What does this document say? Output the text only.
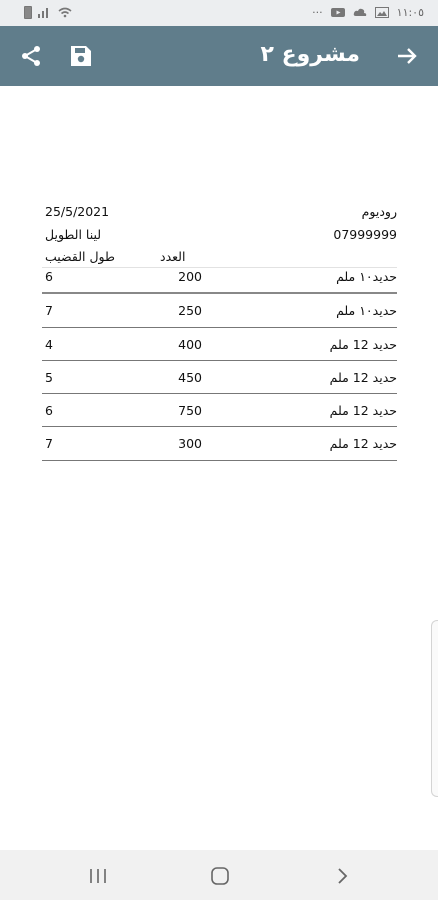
···	١١:٠٥
مشروع ٢
25/5/2021	روديوم
لينا الطويل	07999999
طول القضيب	العدد
6	200	حديد١٠ ملم
7	250	حديد١٠ ملم
4	400	حديد 12 ملم
5	450	حديد 12 ملم
6	750	حديد 12 ملم
7	300	حديد 12 ملم
